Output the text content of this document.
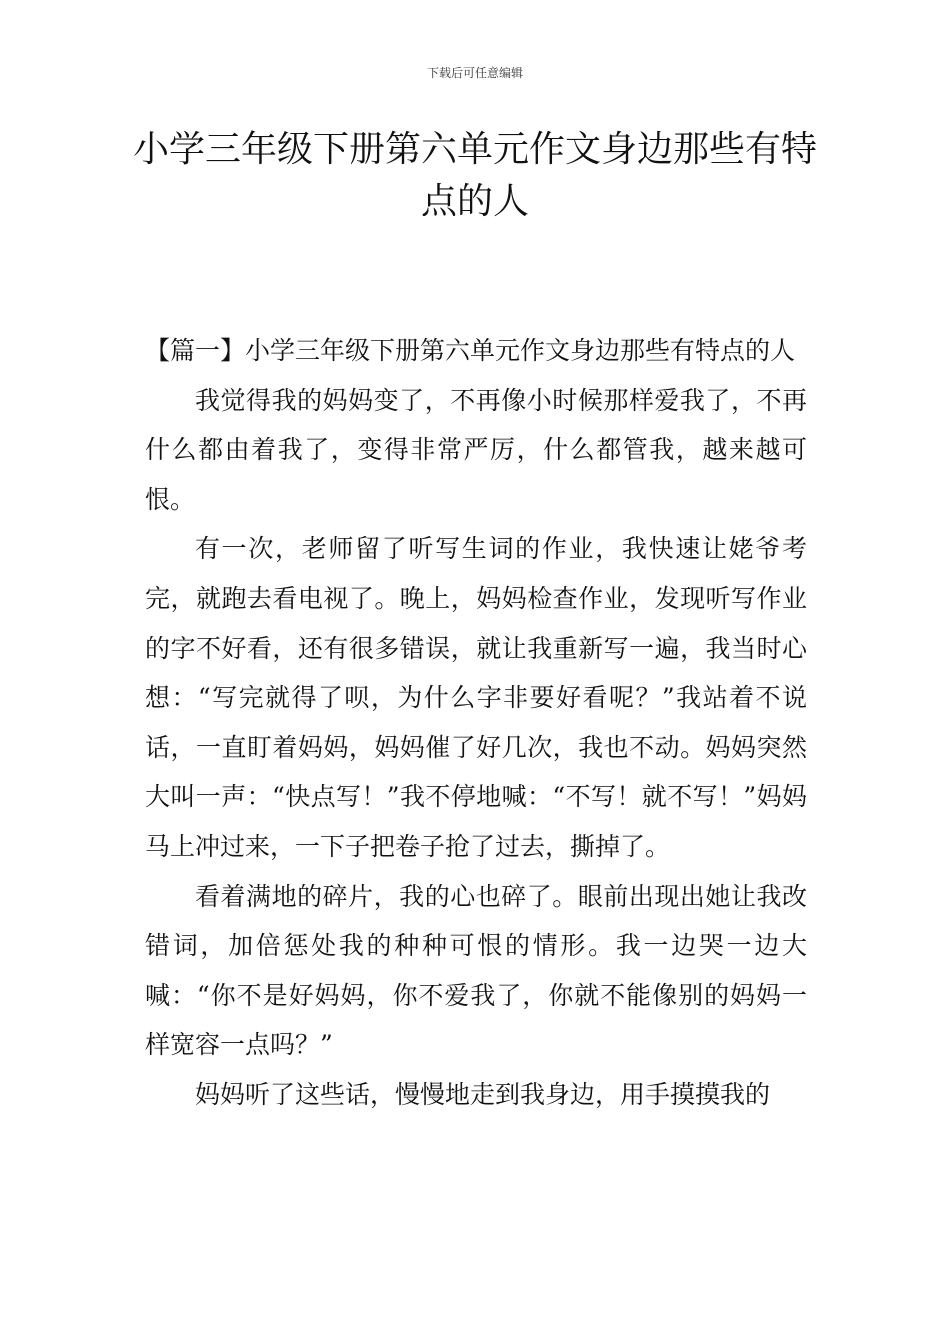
下载后可任意编辑
小学三年级下册第六单元作文身边那些有特点的人

【篇一】小学三年级下册第六单元作文身边那些有特点的人

我觉得我的妈妈变了，不再像小时候那样爱我了，不再什么都由着我了，变得非常严厉，什么都管我，越来越可恨。

有一次，老师留了听写生词的作业，我快速让姥爷考完，就跑去看电视了。晚上，妈妈检查作业，发现听写作业的字不好看，还有很多错误，就让我重新写一遍，我当时心想：“写完就得了呗，为什么字非要好看呢？”我站着不说话，一直盯着妈妈，妈妈催了好几次，我也不动。妈妈突然大叫一声：“快点写！”我不停地喊：“不写！就不写！”妈妈马上冲过来，一下子把卷子抢了过去，撕掉了。

看着满地的碎片，我的心也碎了。眼前出现出她让我改错词，加倍惩处我的种种可恨的情形。我一边哭一边大喊：“你不是好妈妈，你不爱我了，你就不能像别的妈妈一样宽容一点吗？”

妈妈听了这些话，慢慢地走到我身边，用手摸摸我的
